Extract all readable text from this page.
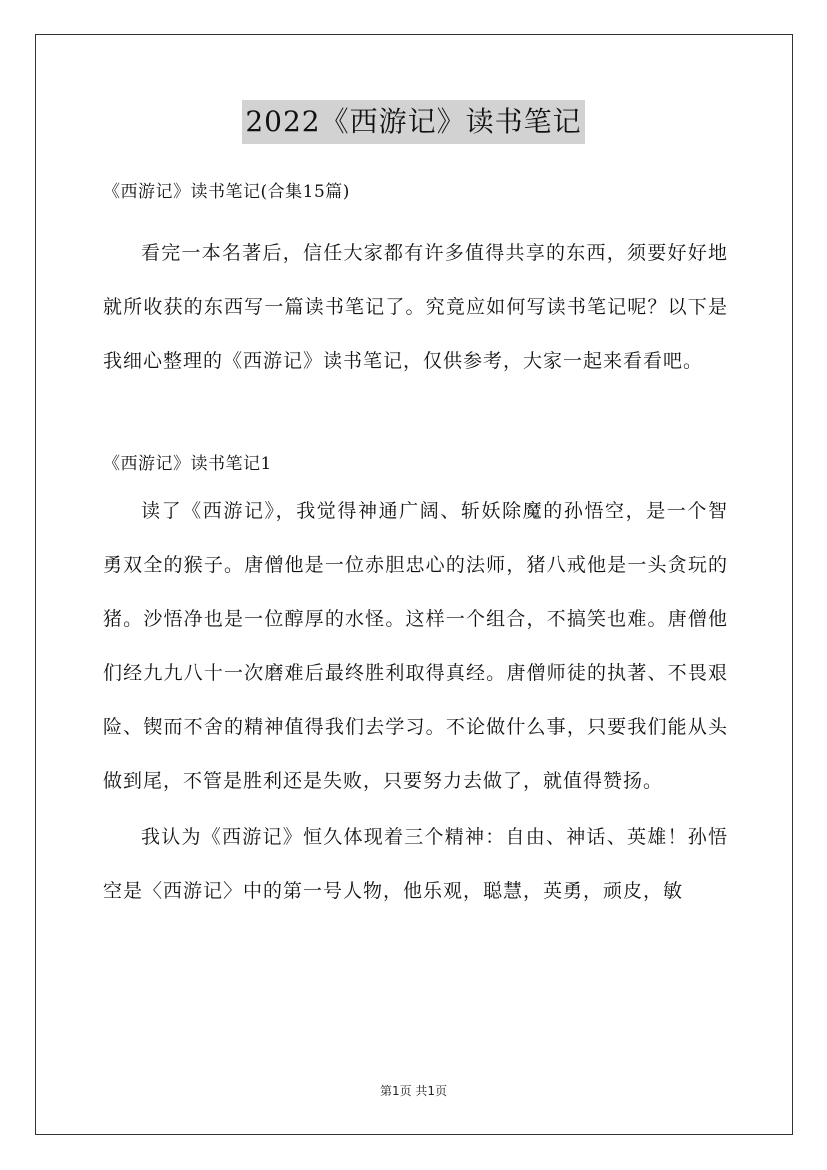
2022《西游记》读书笔记

《西游记》读书笔记(合集15篇)

看完一本名著后，信任大家都有许多值得共享的东西，须要好好地就所收获的东西写一篇读书笔记了。究竟应如何写读书笔记呢？以下是我细心整理的《西游记》读书笔记，仅供参考，大家一起来看看吧。

《西游记》读书笔记1

读了《西游记》，我觉得神通广阔、斩妖除魔的孙悟空，是一个智勇双全的猴子。唐僧他是一位赤胆忠心的法师，猪八戒他是一头贪玩的猪。沙悟净也是一位醇厚的水怪。这样一个组合，不搞笑也难。唐僧他们经九九八十一次磨难后最终胜利取得真经。唐僧师徒的执著、不畏艰险、锲而不舍的精神值得我们去学习。不论做什么事，只要我们能从头做到尾，不管是胜利还是失败，只要努力去做了，就值得赞扬。

我认为《西游记》恒久体现着三个精神：自由、神话、英雄！孙悟空是〈西游记〉中的第一号人物，他乐观，聪慧，英勇，顽皮，敏

第1页 共1页
